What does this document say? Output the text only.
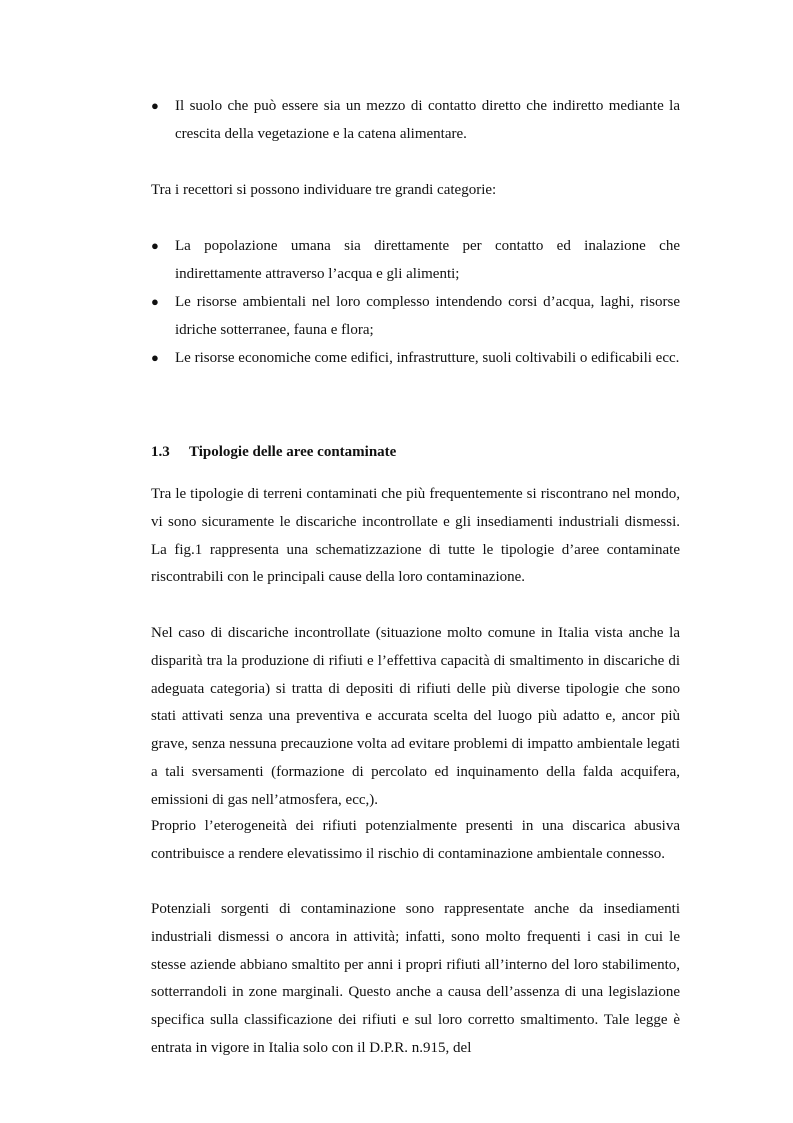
● Il suolo che può essere sia un mezzo di contatto diretto che indiretto mediante la crescita della vegetazione e la catena alimentare.
Tra i recettori si possono individuare tre grandi categorie:
● La popolazione umana sia direttamente per contatto ed inalazione che indirettamente attraverso l’acqua e gli alimenti;
● Le risorse ambientali nel loro complesso intendendo corsi d’acqua, laghi, risorse idriche sotterranee, fauna e flora;
● Le risorse economiche come edifici, infrastrutture, suoli coltivabili o edificabili ecc.
1.3 Tipologie delle aree contaminate
Tra le tipologie di terreni contaminati che più frequentemente si riscontrano nel mondo, vi sono sicuramente le discariche incontrollate e gli insediamenti industriali dismessi. La fig.1 rappresenta una schematizzazione di tutte le tipologie d’aree contaminate riscontrabili con le principali cause della loro contaminazione.
Nel caso di discariche incontrollate (situazione molto comune in Italia vista anche la disparità tra la produzione di rifiuti e l’effettiva capacità di smaltimento in discariche di adeguata categoria) si tratta di depositi di rifiuti delle più diverse tipologie che sono stati attivati senza una preventiva e accurata scelta del luogo più adatto e, ancor più grave, senza nessuna precauzione volta ad evitare problemi di impatto ambientale legati a tali sversamenti (formazione di percolato ed inquinamento della falda acquifera, emissioni di gas nell’atmosfera, ecc,).
Proprio l’eterogeneità dei rifiuti potenzialmente presenti in una discarica abusiva contribuisce a rendere elevatissimo il rischio di contaminazione ambientale connesso.
Potenziali sorgenti di contaminazione sono rappresentate anche da insediamenti industriali dismessi o ancora in attività; infatti, sono molto frequenti i casi in cui le stesse aziende abbiano smaltito per anni i propri rifiuti all’interno del loro stabilimento, sotterrandoli in zone marginali. Questo anche a causa dell’assenza di una legislazione specifica sulla classificazione dei rifiuti e sul loro corretto smaltimento. Tale legge è entrata in vigore in Italia solo con il D.P.R. n.915, del
